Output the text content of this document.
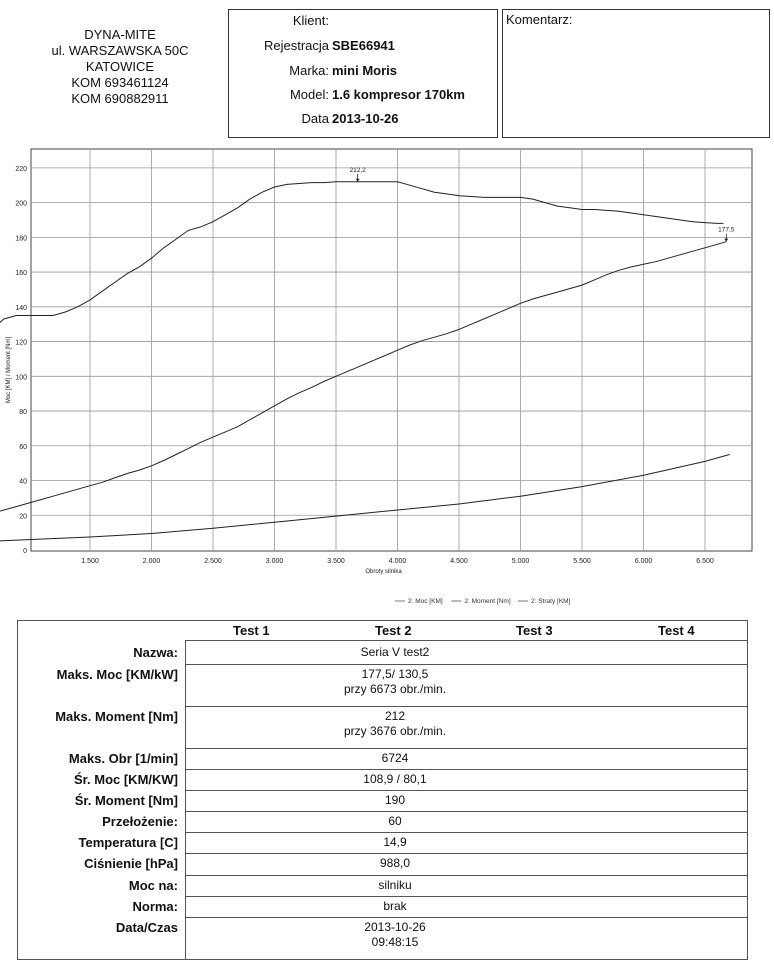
DYNA-MITE
ul. WARSZAWSKA 50C
KATOWICE
KOM 693461124
KOM 690882911
Klient:
Rejestracja SBE66941
Marka: mini Moris
Model: 1.6 kompresor 170km
Data 2013-10-26
Komentarz:
0
20
40
60
80
100
120
140
160
180
200
220
1.500	2.000	2.500	3.000	3.500	4.000	4.500	5.000	5.500	6.000	6.500
Obroty silnika
Moc [KM] / Moment [Nm]
212,2
177,5
2: Moc [KM]	2: Moment [Nm]	2: Straty [KM]
Test 1	Test 2	Test 3	Test 4
Nazwa:	Seria V test2
Maks. Moc [KM/kW]	177,5/ 130,5
przy 6673 obr./min.
Maks. Moment [Nm]	212
przy 3676 obr./min.
Maks. Obr [1/min]	6724
Śr. Moc [KM/KW]	108,9 / 80,1
Śr. Moment [Nm]	190
Przełożenie:	60
Temperatura [C]	14,9
Ciśnienie [hPa]	988,0
Moc na:	silniku
Norma:	brak
Data/Czas	2013-10-26
09:48:15
